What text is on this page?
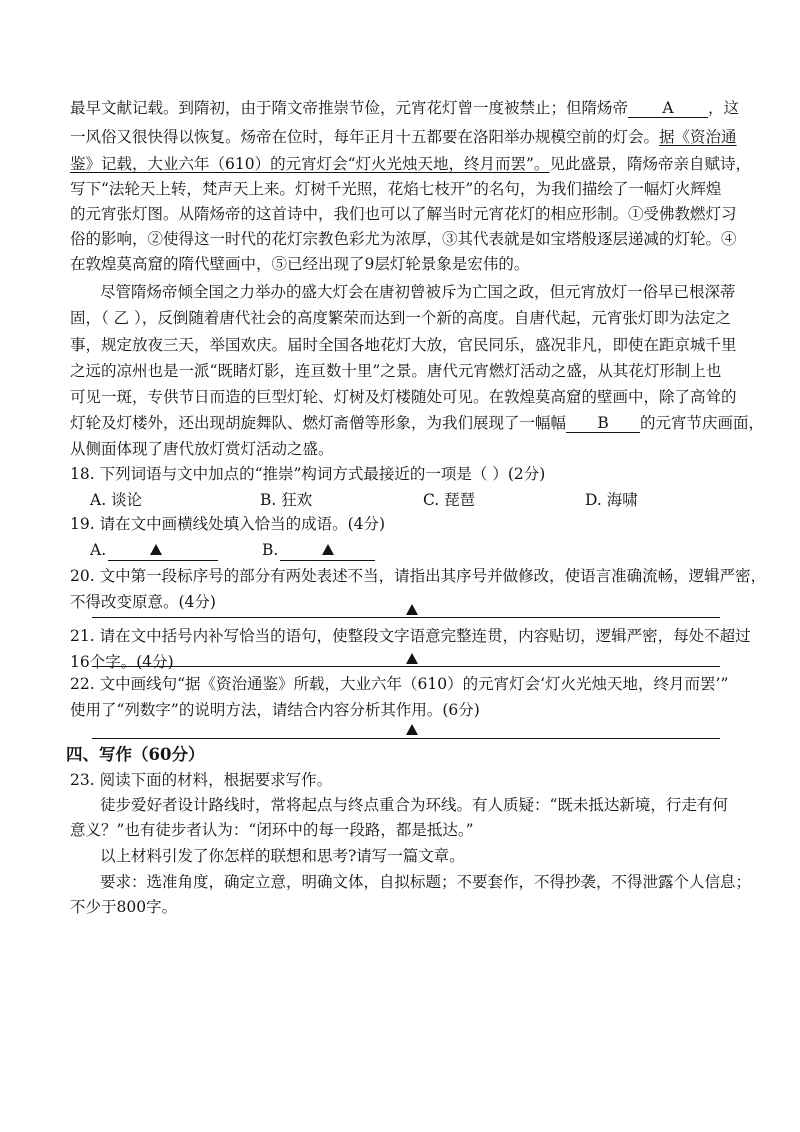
最早文献记载。到隋初，由于隋文帝推崇节俭，元宵花灯曾一度被禁止；但隋炀帝 A ，这
一风俗又很快得以恢复。炀帝在位时，每年正月十五都要在洛阳举办规模空前的灯会。据《资治通
鉴》记载，大业六年（610）的元宵灯会“灯火光烛天地，终月而罢”。见此盛景，隋炀帝亲自赋诗，
写下“法轮天上转，梵声天上来。灯树千光照，花焰七枝开”的名句，为我们描绘了一幅灯火辉煌
的元宵张灯图。从隋炀帝的这首诗中，我们也可以了解当时元宵花灯的相应形制。①受佛教燃灯习
俗的影响，②使得这一时代的花灯宗教色彩尤为浓厚，③其代表就是如宝塔般逐层递减的灯轮。④
在敦煌莫高窟的隋代壁画中，⑤已经出现了9层灯轮景象是宏伟的。
尽管隋炀帝倾全国之力举办的盛大灯会在唐初曾被斥为亡国之政，但元宵放灯一俗早已根深蒂
固，（ 乙 ），反倒随着唐代社会的高度繁荣而达到一个新的高度。自唐代起，元宵张灯即为法定之
事，规定放夜三天，举国欢庆。届时全国各地花灯大放，官民同乐，盛况非凡，即使在距京城千里
之远的凉州也是一派“既睹灯影，连亘数十里”之景。唐代元宵燃灯活动之盛，从其花灯形制上也
可见一斑，专供节日而造的巨型灯轮、灯树及灯楼随处可见。在敦煌莫高窟的壁画中，除了高耸的
灯轮及灯楼外，还出现胡旋舞队、燃灯斋僧等形象，为我们展现了一幅幅 B 的元宵节庆画面，
从侧面体现了唐代放灯赏灯活动之盛。
18. 下列词语与文中加点的“推崇”构词方式最接近的一项是（ ）(2分)
A. 谈论	B. 狂欢	C. 琵琶	D. 海啸
19. 请在文中画横线处填入恰当的成语。(4分)
A.	B.
20. 文中第一段标序号的部分有两处表述不当，请指出其序号并做修改，使语言准确流畅，逻辑严密，
不得改变原意。(4分)
21. 请在文中括号内补写恰当的语句，使整段文字语意完整连贯，内容贴切，逻辑严密，每处不超过
16个字。(4分)
22. 文中画线句“据《资治通鉴》所载，大业六年（610）的元宵灯会‘灯火光烛天地，终月而罢’”
使用了“列数字”的说明方法，请结合内容分析其作用。(6分)
四、写作（60分）
23. 阅读下面的材料，根据要求写作。
徒步爱好者设计路线时，常将起点与终点重合为环线。有人质疑：“既未抵达新境，行走有何
意义？”也有徒步者认为：“闭环中的每一段路，都是抵达。”
以上材料引发了你怎样的联想和思考?请写一篇文章。
要求：选准角度，确定立意，明确文体，自拟标题；不要套作，不得抄袭，不得泄露个人信息；
不少于800字。
